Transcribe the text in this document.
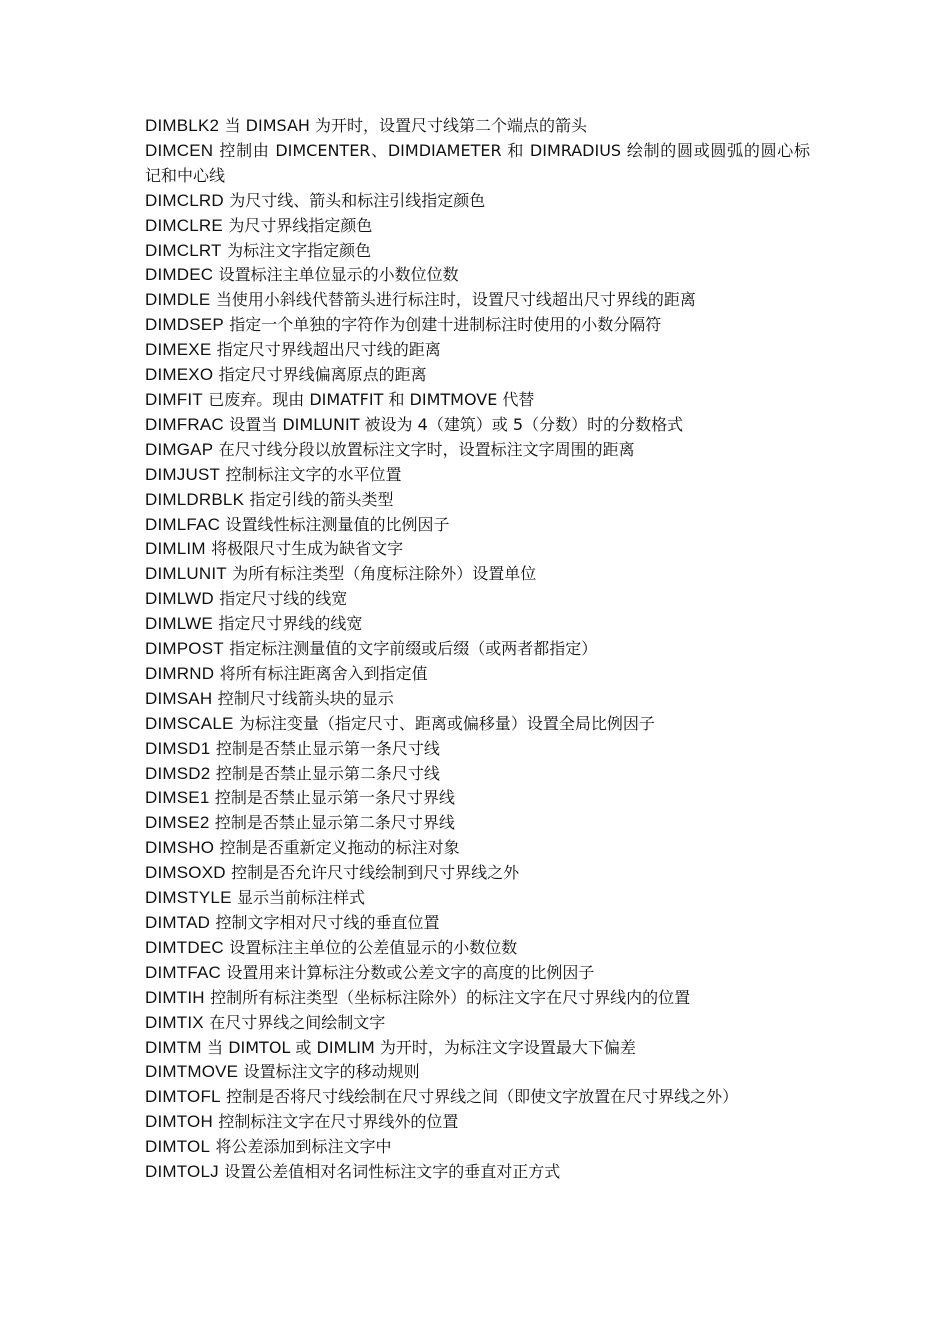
DIMBLK2 当 DIMSAH 为开时，设置尺寸线第二个端点的箭头
DIMCEN 控制由 DIMCENTER、DIMDIAMETER 和 DIMRADIUS 绘制的圆或圆弧的圆心标记和中心线
DIMCLRD 为尺寸线、箭头和标注引线指定颜色
DIMCLRE 为尺寸界线指定颜色
DIMCLRT 为标注文字指定颜色
DIMDEC 设置标注主单位显示的小数位位数
DIMDLE 当使用小斜线代替箭头进行标注时，设置尺寸线超出尺寸界线的距离
DIMDSEP 指定一个单独的字符作为创建十进制标注时使用的小数分隔符
DIMEXE 指定尺寸界线超出尺寸线的距离
DIMEXO 指定尺寸界线偏离原点的距离
DIMFIT 已废弃。现由 DIMATFIT 和 DIMTMOVE 代替
DIMFRAC 设置当 DIMLUNIT 被设为 4（建筑）或 5（分数）时的分数格式
DIMGAP 在尺寸线分段以放置标注文字时，设置标注文字周围的距离
DIMJUST 控制标注文字的水平位置
DIMLDRBLK 指定引线的箭头类型
DIMLFAC 设置线性标注测量值的比例因子
DIMLIM 将极限尺寸生成为缺省文字
DIMLUNIT 为所有标注类型（角度标注除外）设置单位
DIMLWD 指定尺寸线的线宽
DIMLWE 指定尺寸界线的线宽
DIMPOST 指定标注测量值的文字前缀或后缀（或两者都指定）
DIMRND 将所有标注距离舍入到指定值
DIMSAH 控制尺寸线箭头块的显示
DIMSCALE 为标注变量（指定尺寸、距离或偏移量）设置全局比例因子
DIMSD1 控制是否禁止显示第一条尺寸线
DIMSD2 控制是否禁止显示第二条尺寸线
DIMSE1 控制是否禁止显示第一条尺寸界线
DIMSE2 控制是否禁止显示第二条尺寸界线
DIMSHO 控制是否重新定义拖动的标注对象
DIMSOXD 控制是否允许尺寸线绘制到尺寸界线之外
DIMSTYLE 显示当前标注样式
DIMTAD 控制文字相对尺寸线的垂直位置
DIMTDEC 设置标注主单位的公差值显示的小数位数
DIMTFAC 设置用来计算标注分数或公差文字的高度的比例因子
DIMTIH 控制所有标注类型（坐标标注除外）的标注文字在尺寸界线内的位置
DIMTIX 在尺寸界线之间绘制文字
DIMTM 当 DIMTOL 或 DIMLIM 为开时，为标注文字设置最大下偏差
DIMTMOVE 设置标注文字的移动规则
DIMTOFL 控制是否将尺寸线绘制在尺寸界线之间（即使文字放置在尺寸界线之外）
DIMTOH 控制标注文字在尺寸界线外的位置
DIMTOL 将公差添加到标注文字中
DIMTOLJ 设置公差值相对名词性标注文字的垂直对正方式
